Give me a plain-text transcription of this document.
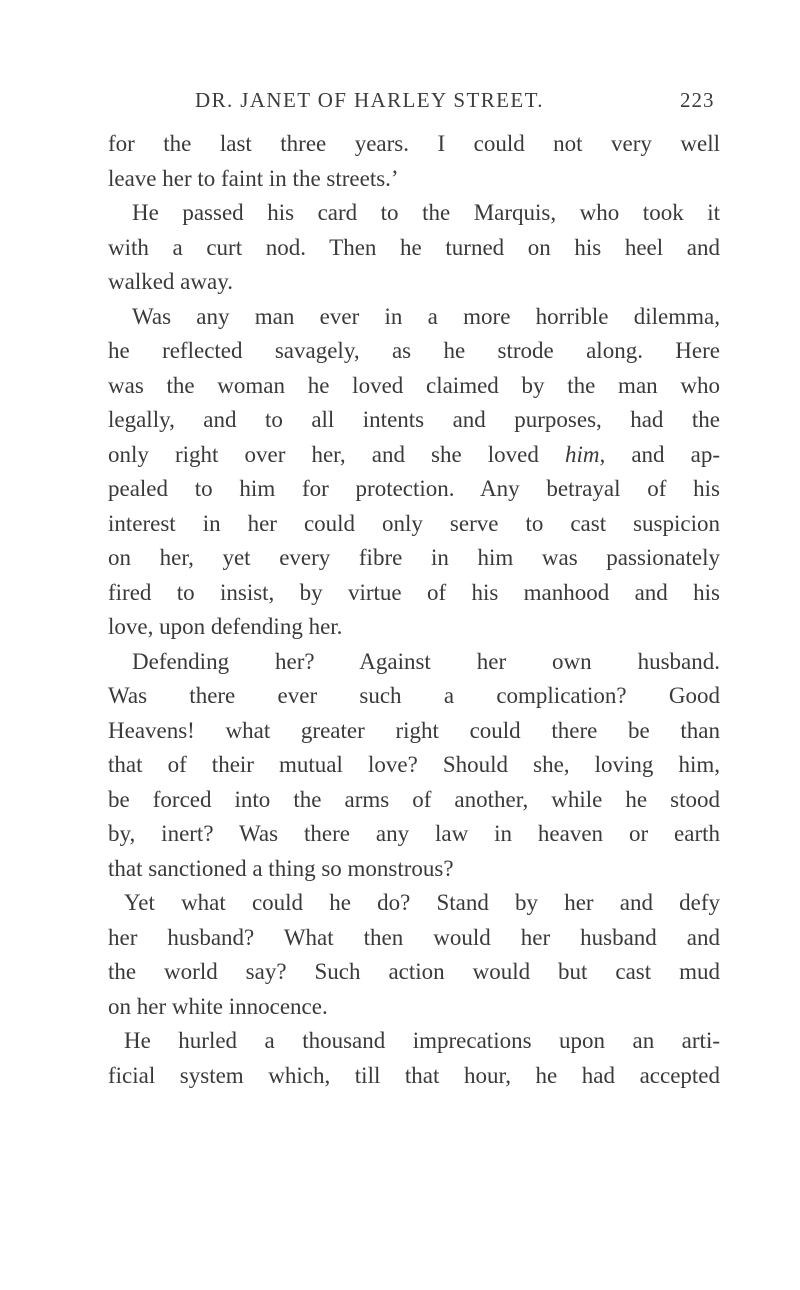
DR. JANET OF HARLEY STREET.	223
for the last three years. I could not very well
leave her to faint in the streets.’
He passed his card to the Marquis, who took it
with a curt nod. Then he turned on his heel and
walked away.
Was any man ever in a more horrible dilemma,
he reflected savagely, as he strode along. Here
was the woman he loved claimed by the man who
legally, and to all intents and purposes, had the
only right over her, and she loved him, and ap-
pealed to him for protection. Any betrayal of his
interest in her could only serve to cast suspicion
on her, yet every fibre in him was passionately
fired to insist, by virtue of his manhood and his
love, upon defending her.
Defending her? Against her own husband.
Was there ever such a complication? Good
Heavens! what greater right could there be than
that of their mutual love? Should she, loving him,
be forced into the arms of another, while he stood
by, inert? Was there any law in heaven or earth
that sanctioned a thing so monstrous?
Yet what could he do? Stand by her and defy
her husband? What then would her husband and
the world say? Such action would but cast mud
on her white innocence.
He hurled a thousand imprecations upon an arti-
ficial system which, till that hour, he had accepted
